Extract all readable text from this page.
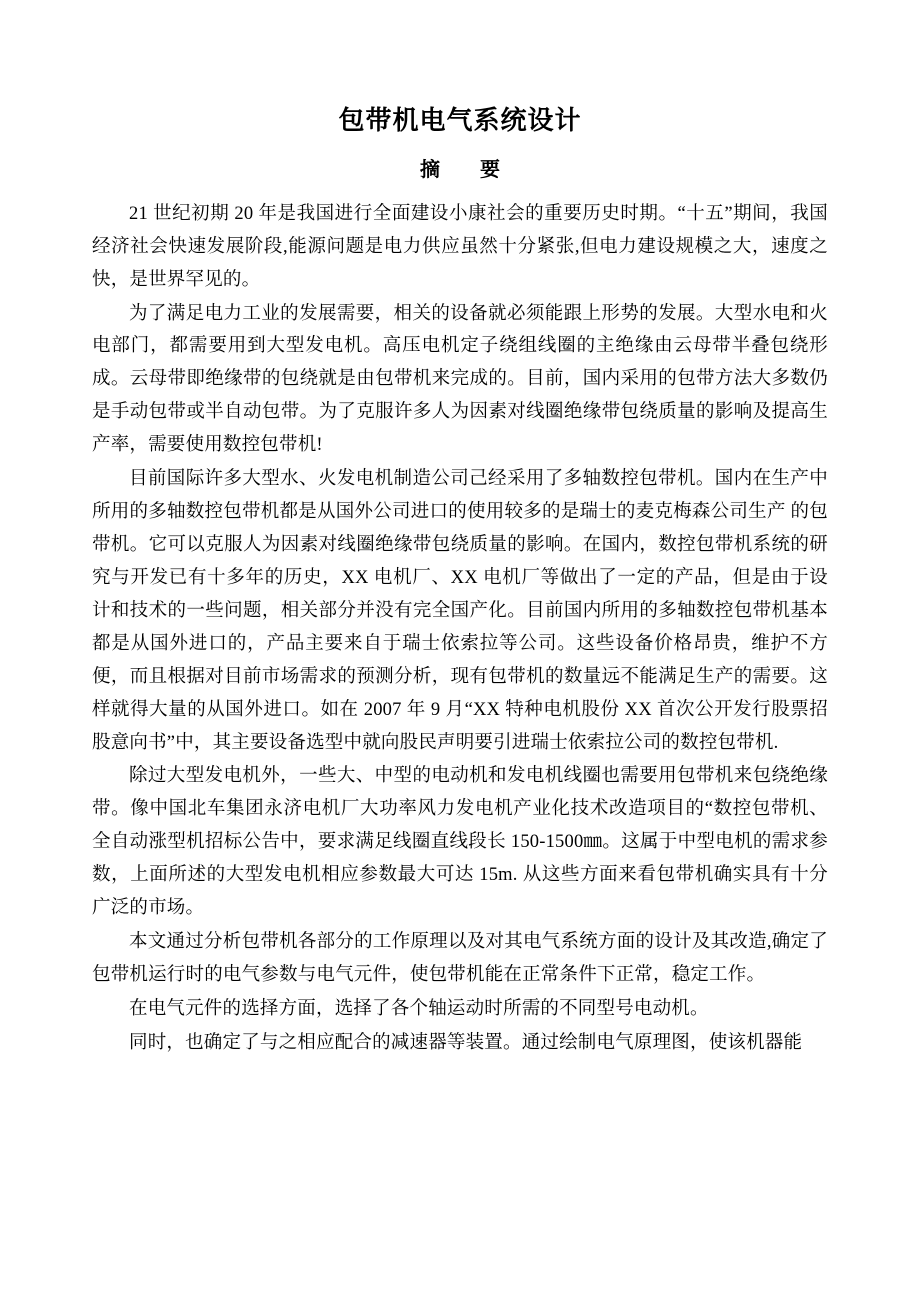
包带机电气系统设计
摘　要

21 世纪初期 20 年是我国进行全面建设小康社会的重要历史时期。“十五”期间，我国经济社会快速发展阶段,能源问题是电力供应虽然十分紧张,但电力建设规模之大，速度之快，是世界罕见的。

为了满足电力工业的发展需要，相关的设备就必须能跟上形势的发展。大型水电和火电部门，都需要用到大型发电机。高压电机定子绕组线圈的主绝缘由云母带半叠包绕形成。云母带即绝缘带的包绕就是由包带机来完成的。目前，国内采用的包带方法大多数仍是手动包带或半自动包带。为了克服许多人为因素对线圈绝缘带包绕质量的影响及提高生产率，需要使用数控包带机!

目前国际许多大型水、火发电机制造公司己经采用了多轴数控包带机。国内在生产中所用的多轴数控包带机都是从国外公司进口的使用较多的是瑞士的麦克梅森公司生产 的包带机。它可以克服人为因素对线圈绝缘带包绕质量的影响。在国内，数控包带机系统的研究与开发已有十多年的历史，XX 电机厂、XX 电机厂等做出了一定的产品，但是由于设计和技术的一些问题，相关部分并没有完全国产化。目前国内所用的多轴数控包带机基本都是从国外进口的，产品主要来自于瑞士依索拉等公司。这些设备价格昂贵，维护不方便，而且根据对目前市场需求的预测分析，现有包带机的数量远不能满足生产的需要。这样就得大量的从国外进口。如在 2007 年 9 月“XX 特种电机股份 XX 首次公开发行股票招股意向书”中，其主要设备选型中就向股民声明要引进瑞士依索拉公司的数控包带机.

除过大型发电机外，一些大、中型的电动机和发电机线圈也需要用包带机来包绕绝缘带。像中国北车集团永济电机厂大功率风力发电机产业化技术改造项目的“数控包带机、全自动涨型机招标公告中，要求满足线圈直线段长 150-1500㎜。这属于中型电机的需求参数，上面所述的大型发电机相应参数最大可达 15m. 从这些方面来看包带机确实具有十分广泛的市场。

本文通过分析包带机各部分的工作原理以及对其电气系统方面的设计及其改造,确定了包带机运行时的电气参数与电气元件，使包带机能在正常条件下正常，稳定工作。

在电气元件的选择方面，选择了各个轴运动时所需的不同型号电动机。

同时，也确定了与之相应配合的减速器等装置。通过绘制电气原理图，使该机器能
